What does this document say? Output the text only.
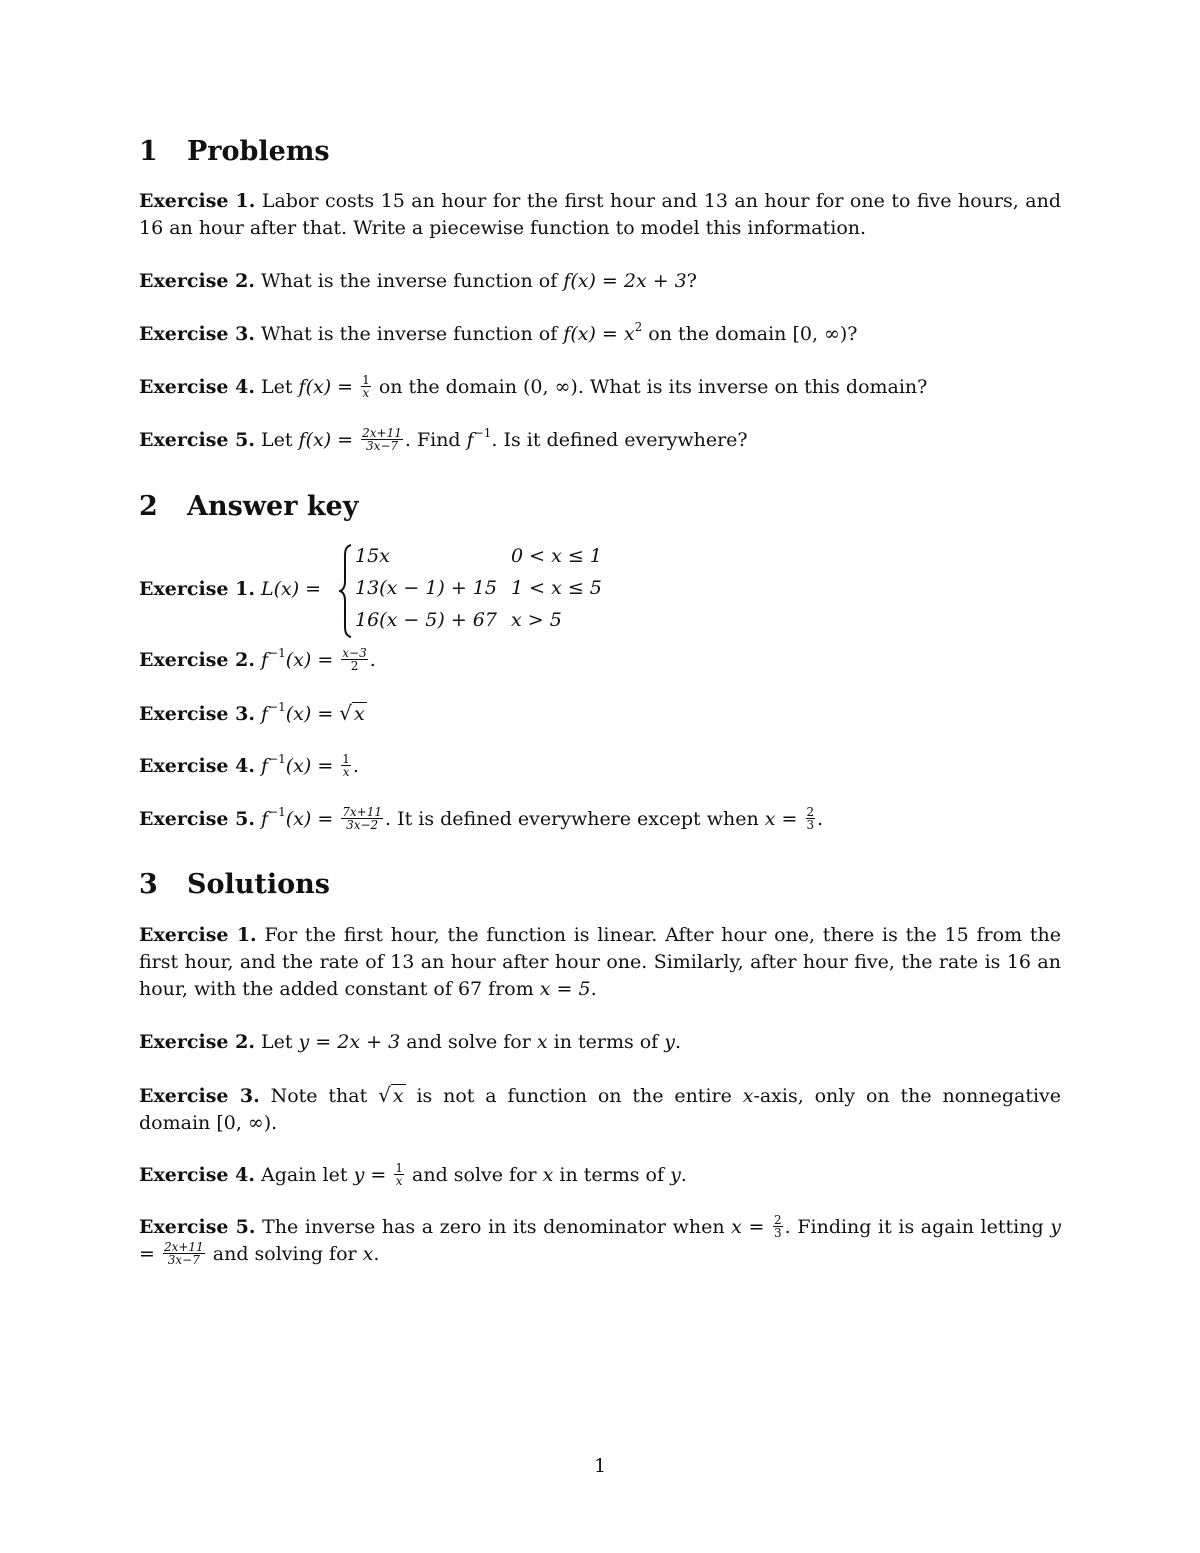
1 Problems
Exercise 1. Labor costs 15 an hour for the first hour and 13 an hour for one to five hours, and 16 an hour after that. Write a piecewise function to model this information.
Exercise 2. What is the inverse function of f(x) = 2x + 3?
Exercise 3. What is the inverse function of $f(x) = x^2$ on the domain [0, ∞)?
Exercise 4. Let $f(x) = \frac{1}{x}$ on the domain (0, ∞). What is its inverse on this domain?
Exercise 5. Let $f(x) = \frac{2x+11}{3x-7}$ . Find $f^{-1}$. Is it defined everywhere?
2 Answer key
Exercise 1. L(x) =
15x	0 < x ≤ 1
13(x − 1) + 15 1 < x ≤ 5
16(x − 5) + 67 x > 5
Exercise 2. $f^{-1}(x) = \frac{x-3}{2}$ .
Exercise 3. $f^{-1}(x)$ = √ x
Exercise 4. $f^{-1}(x) = \frac{1}{x}$ .
Exercise 5. $f^{-1}(x) = \frac{7x+11}{3x-2}$ . It is defined everywhere except when $x = \frac{2}{3}$ .
3 Solutions
Exercise 1. For the first hour, the function is linear. After hour one, there is the 15 from the first hour, and the rate of 13 an hour after hour one. Similarly, after hour five, the rate is 16 an hour, with the added constant of 67 from x = 5.
Exercise 2. Let y = 2x + 3 and solve for x in terms of y.
Exercise 3. Note that √ x is not a function on the entire x-axis, only on the nonnegative domain [0, ∞).
Exercise 4. Again let $y = \frac{1}{x}$ and solve for x in terms of y.
Exercise 5. The inverse has a zero in its denominator when $x = \frac{2}{3}$ . Finding it is again letting $y = \frac{2x+11}{3x-7}$ and solving for x.
1
